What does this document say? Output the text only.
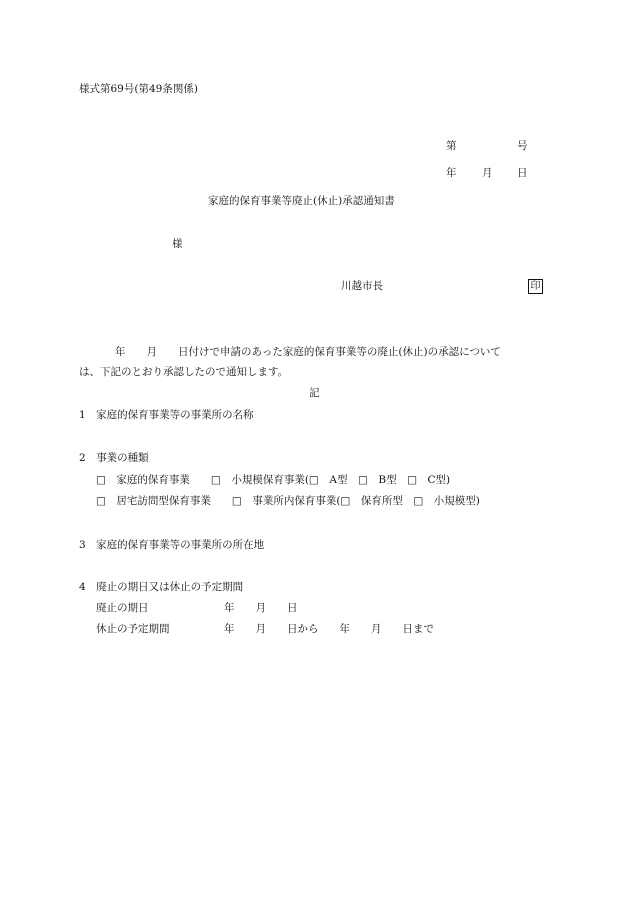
様式第69号(第49条関係)
第	号
年 月 日
家庭的保育事業等廃止(休止)承認通知書
様
川越市長	印
年　　月　　日付けで申請のあった家庭的保育事業等の廃止(休止)の承認について
は、下記のとおり承認したので通知します。
記
1　家庭的保育事業等の事業所の名称
2　事業の種類
□　家庭的保育事業　　□　小規模保育事業(□　A型　□　B型　□　C型)
□　居宅訪問型保育事業　　□　事業所内保育事業(□　保育所型　□　小規模型)
3　家庭的保育事業等の事業所の所在地
4　廃止の期日又は休止の予定期間
廃止の期日	年　　月　　日
休止の予定期間	年　　月　　日から　　年　　月　　日まで
